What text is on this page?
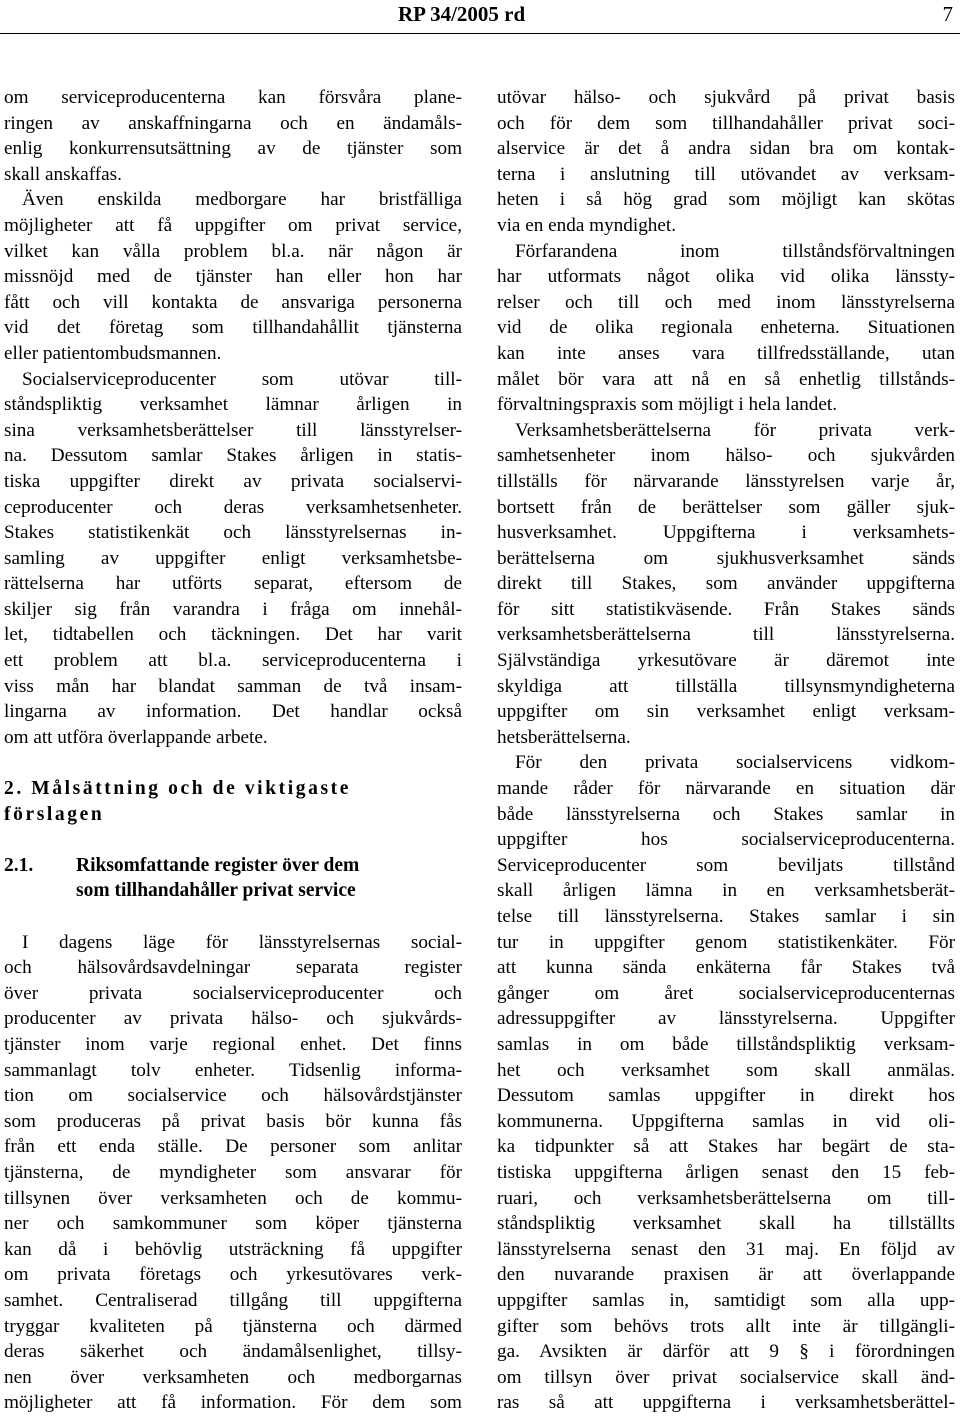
RP 34/2005 rd	7
om serviceproducenterna kan försvåra plane-
ringen av anskaffningarna och en ändamåls-
enlig konkurrensutsättning av de tjänster som
skall anskaffas.
Även enskilda medborgare har bristfälliga
möjligheter att få uppgifter om privat service,
vilket kan vålla problem bl.a. när någon är
missnöjd med de tjänster han eller hon har
fått och vill kontakta de ansvariga personerna
vid det företag som tillhandahållit tjänsterna
eller patientombudsmannen.
Socialserviceproducenter som utövar till-
ståndspliktig verksamhet lämnar årligen in
sina verksamhetsberättelser till länsstyrelser-
na. Dessutom samlar Stakes årligen in statis-
tiska uppgifter direkt av privata socialservi-
ceproducenter och deras verksamhetsenheter.
Stakes statistikenkät och länsstyrelsernas in-
samling av uppgifter enligt verksamhetsbe-
rättelserna har utförts separat, eftersom de
skiljer sig från varandra i fråga om innehål-
let, tidtabellen och täckningen. Det har varit
ett problem att bl.a. serviceproducenterna i
viss mån har blandat samman de två insam-
lingarna av information. Det handlar också
om att utföra överlappande arbete.
2. Målsättning och de viktigaste
förslagen
2.1. Riksomfattande register över dem
som tillhandahåller privat service
I dagens läge för länsstyrelsernas social-
och hälsovårdsavdelningar separata register
över privata socialserviceproducenter och
producenter av privata hälso- och sjukvårds-
tjänster inom varje regional enhet. Det finns
sammanlagt tolv enheter. Tidsenlig informa-
tion om socialservice och hälsovårdstjänster
som produceras på privat basis bör kunna fås
från ett enda ställe. De personer som anlitar
tjänsterna, de myndigheter som ansvarar för
tillsynen över verksamheten och de kommu-
ner och samkommuner som köper tjänsterna
kan då i behövlig utsträckning få uppgifter
om privata företags och yrkesutövares verk-
samhet. Centraliserad tillgång till uppgifterna
tryggar kvaliteten på tjänsterna och därmed
deras säkerhet och ändamålsenlighet, tillsy-
nen över verksamheten och medborgarnas
möjligheter att få information. För dem som
utövar hälso- och sjukvård på privat basis
och för dem som tillhandahåller privat soci-
alservice är det å andra sidan bra om kontak-
terna i anslutning till utövandet av verksam-
heten i så hög grad som möjligt kan skötas
via en enda myndighet.
Förfarandena inom tillståndsförvaltningen
har utformats något olika vid olika länssty-
relser och till och med inom länsstyrelserna
vid de olika regionala enheterna. Situationen
kan inte anses vara tillfredsställande, utan
målet bör vara att nå en så enhetlig tillstånds-
förvaltningspraxis som möjligt i hela landet.
Verksamhetsberättelserna för privata verk-
samhetsenheter inom hälso- och sjukvården
tillställs för närvarande länsstyrelsen varje år,
bortsett från de berättelser som gäller sjuk-
husverksamhet. Uppgifterna i verksamhets-
berättelserna om sjukhusverksamhet sänds
direkt till Stakes, som använder uppgifterna
för sitt statistikväsende. Från Stakes sänds
verksamhetsberättelserna till länsstyrelserna.
Självständiga yrkesutövare är däremot inte
skyldiga att tillställa tillsynsmyndigheterna
uppgifter om sin verksamhet enligt verksam-
hetsberättelserna.
För den privata socialservicens vidkom-
mande råder för närvarande en situation där
både länsstyrelserna och Stakes samlar in
uppgifter hos socialserviceproducenterna.
Serviceproducenter som beviljats tillstånd
skall årligen lämna in en verksamhetsberät-
telse till länsstyrelserna. Stakes samlar i sin
tur in uppgifter genom statistikenkäter. För
att kunna sända enkäterna får Stakes två
gånger om året socialserviceproducenternas
adressuppgifter av länsstyrelserna. Uppgifter
samlas in om både tillståndspliktig verksam-
het och verksamhet som skall anmälas.
Dessutom samlas uppgifter in direkt hos
kommunerna. Uppgifterna samlas in vid oli-
ka tidpunkter så att Stakes har begärt de sta-
tistiska uppgifterna årligen senast den 15 feb-
ruari, och verksamhetsberättelserna om till-
ståndspliktig verksamhet skall ha tillställts
länsstyrelserna senast den 31 maj. En följd av
den nuvarande praxisen är att överlappande
uppgifter samlas in, samtidigt som alla upp-
gifter som behövs trots allt inte är tillgängli-
ga. Avsikten är därför att 9 § i förordningen
om tillsyn över privat socialservice skall änd-
ras så att uppgifterna i verksamhetsberättel-
